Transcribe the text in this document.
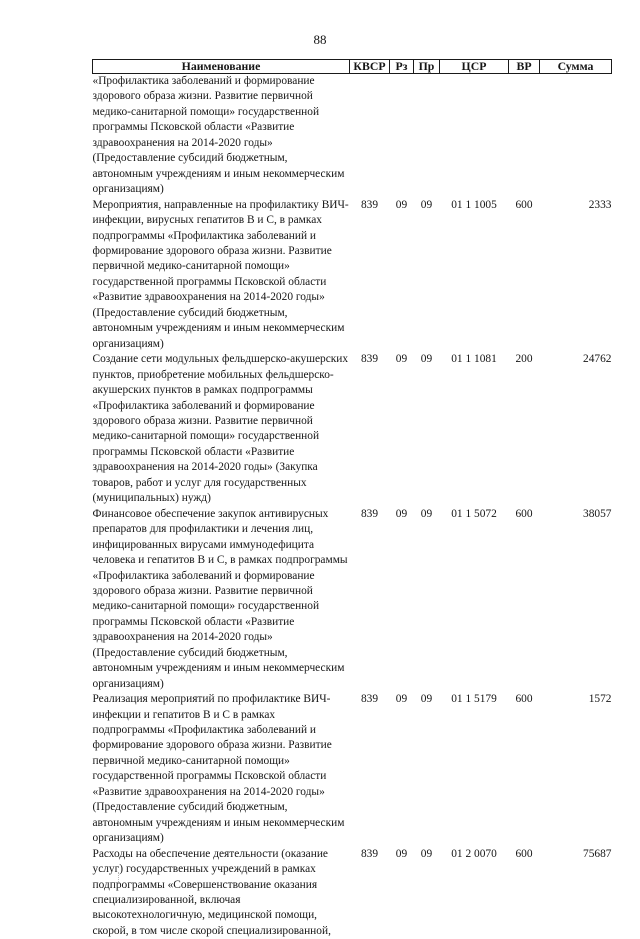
88
Наименование	КВСР	Рз	Пр	ЦСР	ВР	Сумма
«Профилактика заболеваний и формирование здорового образа жизни. Развитие первичной медико-санитарной помощи» государственной программы Псковской области «Развитие здравоохранения на 2014-2020 годы» (Предоставление субсидий бюджетным, автономным учреждениям и иным некоммерческим организациям)						
Мероприятия, направленные на профилактику ВИЧ-инфекции, вирусных гепатитов В и С, в рамках подпрограммы «Профилактика заболеваний и формирование здорового образа жизни. Развитие первичной медико-санитарной помощи» государственной программы Псковской области «Развитие здравоохранения на 2014-2020 годы» (Предоставление субсидий бюджетным, автономным учреждениям и иным некоммерческим организациям)	839	09	09	01 1 1005	600	2333
Создание сети модульных фельдшерско-акушерских пунктов, приобретение мобильных фельдшерско-акушерских пунктов в рамках подпрограммы «Профилактика заболеваний и формирование здорового образа жизни. Развитие первичной медико-санитарной помощи» государственной программы Псковской области «Развитие здравоохранения на 2014-2020 годы» (Закупка товаров, работ и услуг для государственных (муниципальных) нужд)	839	09	09	01 1 1081	200	24762
Финансовое обеспечение закупок антивирусных препаратов для профилактики и лечения лиц, инфицированных вирусами иммунодефицита человека и гепатитов В и С, в рамках подпрограммы «Профилактика заболеваний и формирование здорового образа жизни. Развитие первичной медико-санитарной помощи» государственной программы Псковской области «Развитие здравоохранения на 2014-2020 годы» (Предоставление субсидий бюджетным, автономным учреждениям и иным некоммерческим организациям)	839	09	09	01 1 5072	600	38057
Реализация мероприятий по профилактике ВИЧ-инфекции и гепатитов В и С в рамках подпрограммы «Профилактика заболеваний и формирование здорового образа жизни. Развитие первичной медико-санитарной помощи» государственной программы Псковской области «Развитие здравоохранения на 2014-2020 годы» (Предоставление субсидий бюджетным, автономным учреждениям и иным некоммерческим организациям)	839	09	09	01 1 5179	600	1572
Расходы на обеспечение деятельности (оказание услуг) государственных учреждений в рамках подпрограммы «Совершенствование оказания специализированной, включая высокотехнологичную, медицинской помощи, скорой, в том числе скорой специализированной,	839	09	09	01 2 0070	600	75687
